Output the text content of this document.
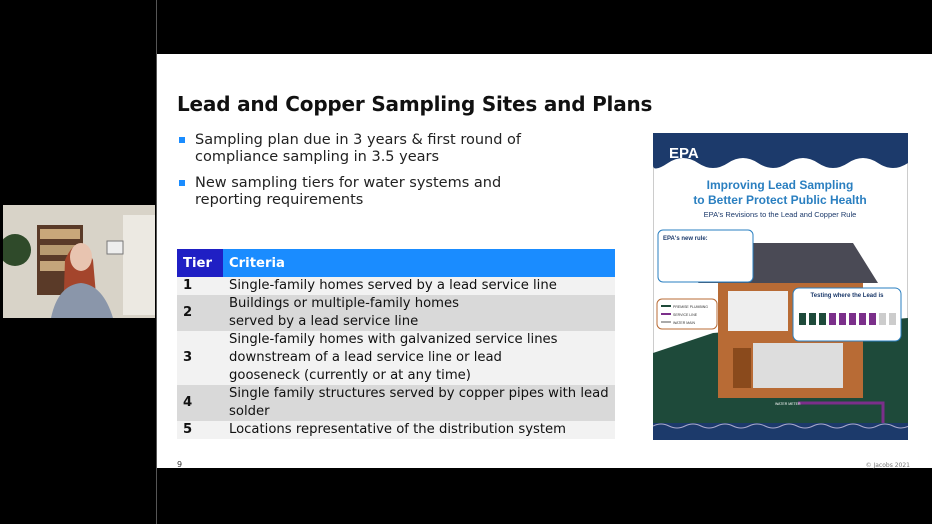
Lead and Copper Sampling Sites and Plans
Sampling plan due in 3 years & first round of compliance sampling in 3.5 years
New sampling tiers for water systems and reporting requirements
Tier	Criteria
1	Single-family homes served by a lead service line
2	Buildings or multiple-family homes served by a lead service line
3	Single-family homes with galvanized service lines downstream of a lead service line or lead gooseneck (currently or at any time)
4	Single family structures served by copper pipes with lead solder
5	Locations representative of the distribution system
EPA
Improving Lead Sampling
to Better Protect Public Health
EPA's Revisions to the Lead and Copper Rule
EPA's new rule:
Testing where the Lead is
PREMISE PLUMBING
SERVICE LINE
WATER MAIN
WATER METER
9	© Jacobs 2021
